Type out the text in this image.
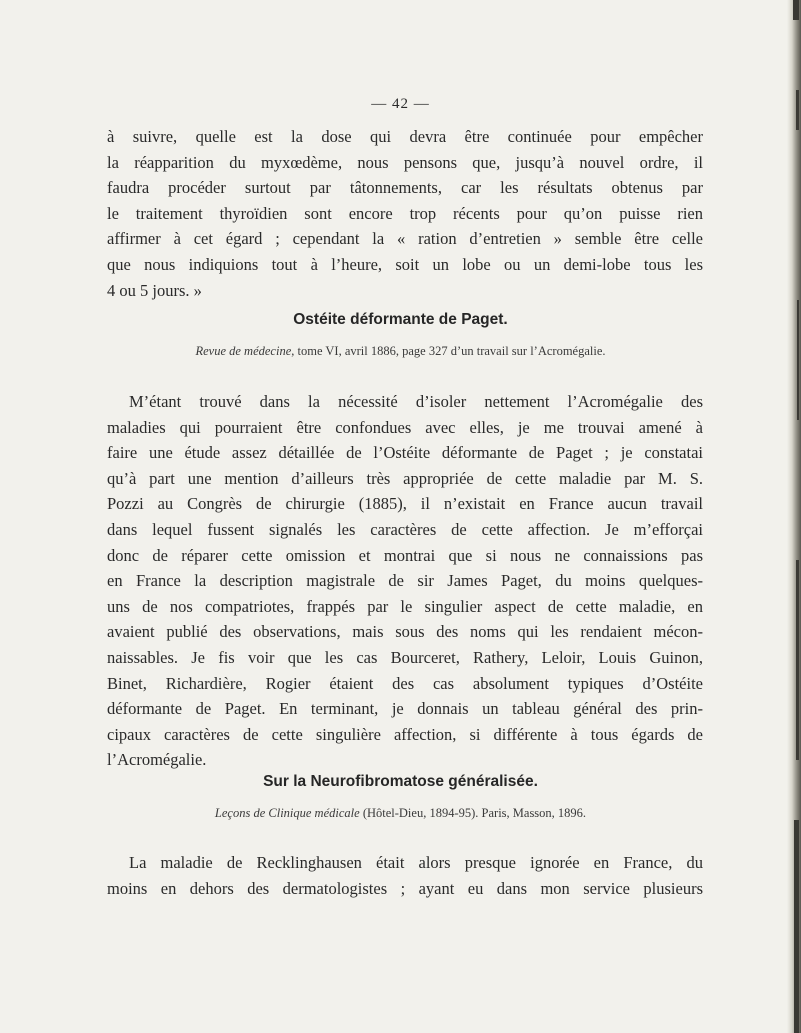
— 42 —
à suivre, quelle est la dose qui devra être continuée pour empêcher
la réapparition du myxœdème, nous pensons que, jusqu’à nouvel ordre, il
faudra procéder surtout par tâtonnements, car les résultats obtenus par
le traitement thyroïdien sont encore trop récents pour qu’on puisse rien
affirmer à cet égard ; cependant la « ration d’entretien » semble être celle
que nous indiquions tout à l’heure, soit un lobe ou un demi-lobe tous les
4 ou 5 jours. »
Ostéite déformante de Paget.
Revue de médecine, tome VI, avril 1886, page 327 d’un travail sur l’Acromégalie.
M’étant trouvé dans la nécessité d’isoler nettement l’Acromégalie des
maladies qui pourraient être confondues avec elles, je me trouvai amené à
faire une étude assez détaillée de l’Ostéite déformante de Paget ; je constatai
qu’à part une mention d’ailleurs très appropriée de cette maladie par M. S.
Pozzi au Congrès de chirurgie (1885), il n’existait en France aucun travail
dans lequel fussent signalés les caractères de cette affection. Je m’efforçai
donc de réparer cette omission et montrai que si nous ne connaissions pas
en France la description magistrale de sir James Paget, du moins quelques-
uns de nos compatriotes, frappés par le singulier aspect de cette maladie, en
avaient publié des observations, mais sous des noms qui les rendaient mécon-
naissables. Je fis voir que les cas Bourceret, Rathery, Leloir, Louis Guinon,
Binet, Richardière, Rogier étaient des cas absolument typiques d’Ostéite
déformante de Paget. En terminant, je donnais un tableau général des prin-
cipaux caractères de cette singulière affection, si différente à tous égards de
l’Acromégalie.
Sur la Neurofibromatose généralisée.
Leçons de Clinique médicale (Hôtel-Dieu, 1894-95). Paris, Masson, 1896.
La maladie de Recklinghausen était alors presque ignorée en France, du
moins en dehors des dermatologistes ; ayant eu dans mon service plusieurs
